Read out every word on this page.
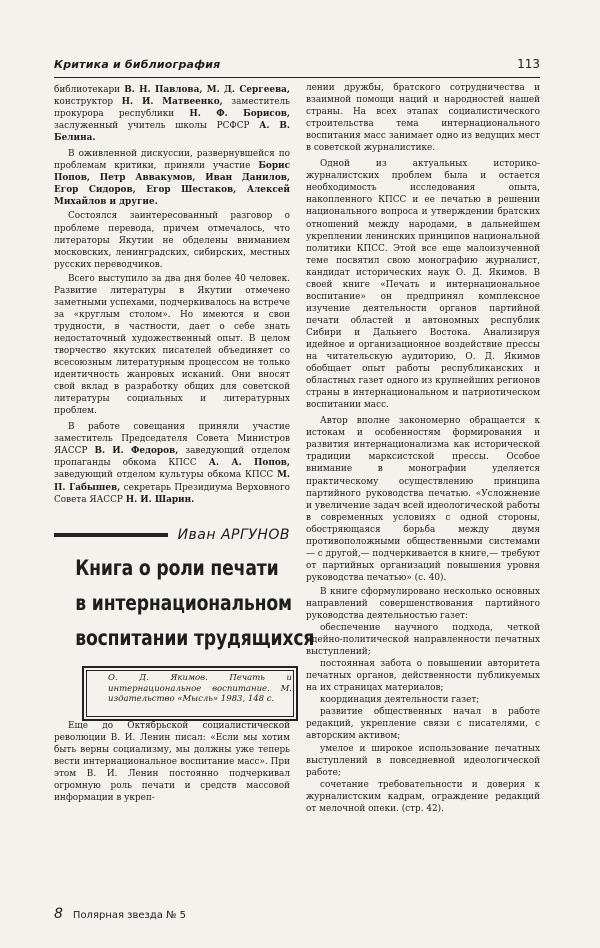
Критика и библиография	113

библиотекари В. Н. Павлова, М. Д. Сергеева, конструктор Н. И. Матвеенко, заместитель прокурора республики Н. Ф. Борисов, заслуженный учитель школы РСФСР А. В. Белина.

В оживленной дискуссии, развернувшейся по проблемам критики, приняли участие Борис Попов, Петр Аввакумов, Иван Данилов, Егор Сидоров, Егор Шестаков, Алексей Михайлов и другие.

Состоялся заинтересованный разговор о проблеме перевода, причем отмечалось, что литераторы Якутии не обделены вниманием московских, ленинградских, сибирских, местных русских переводчиков.

Всего выступило за два дня более 40 человек. Развитие литературы в Якутии отмечено заметными успехами, подчеркивалось на встрече за «круглым столом». Но имеются и свои трудности, в частности, дает о себе знать недостаточный художественный опыт. В целом творчество якутских писателей объединяет со всесоюзным литературным процессом не только идентичность жанровых исканий. Они вносят свой вклад в разработку общих для советской литературы социальных и литературных проблем.

В работе совещания приняли участие заместитель Председателя Совета Министров ЯАССР В. И. Федоров, заведующий отделом пропаганды обкома КПСС А. А. Попов, заведующий отделом культуры обкома КПСС М. П. Габышев, секретарь Президиума Верховного Совета ЯАССР Н. И. Шарин.

Иван АРГУНОВ
Книга о роли печати
в интернациональном
воспитании трудящихся
О. Д. Якимов. Печать и интернациональное воспитание. М. издательство «Мысль» 1983, 148 с.

Еще до Октябрьской социалистической революции В. И. Ленин писал: «Если мы хотим быть верны социализму, мы должны уже теперь вести интернациональное воспитание масс». При этом В. И. Ленин постоянно подчеркивал огромную роль печати и средств массовой информации в укреп-

лении дружбы, братского сотрудничества и взаимной помощи наций и народностей нашей страны. На всех этапах социалистического строительства тема интернационального воспитания масс занимает одно из ведущих мест в советской журналистике.

Одной из актуальных историко-журналистских проблем была и остается необходимость исследования опыта, накопленного КПСС и ее печатью в решении национального вопроса и утверждении братских отношений между народами, в дальнейшем укреплении ленинских принципов национальной политики КПСС. Этой все еще малоизученной теме посвятил свою монографию журналист, кандидат исторических наук О. Д. Якимов. В своей книге «Печать и интернациональное воспитание» он предпринял комплексное изучение деятельности органов партийной печати областей и автономных республик Сибири и Дальнего Востока. Анализируя идейное и организационное воздействие прессы на читательскую аудиторию, О. Д. Якимов обобщает опыт работы республиканских и областных газет одного из крупнейших регионов страны в интернациональном и патриотическом воспитании масс.

Автор вполне закономерно обращается к истокам и особенностям формирования и развития интернационализма как исторической традиции марксистской прессы. Особое внимание в монографии уделяется практическому осуществлению принципа партийного руководства печатью. «Усложнение и увеличение задач всей идеологической работы в современных условиях с одной стороны, обостряющаяся борьба между двумя противоположными общественными системами — с другой,— подчеркивается в книге,— требуют от партийных организаций повышения уровня руководства печатью» (с. 40).

В книге сформулировано несколько основных направлений совершенствования партийного руководства деятельностью газет:

обеспечение научного подхода, четкой идейно-политической направленности печатных выступлений;

постоянная забота о повышении авторитета печатных органов, действенности публикуемых на их страницах материалов;

координация деятельности газет;

развитие общественных начал в работе редакций, укрепление связи с писателями, с авторским активом;

умелое и широкое использование печатных выступлений в повседневной идеологической работе;

сочетание требовательности и доверия к журналистским кадрам, ограждение редакций от мелочной опеки. (стр. 42).

8 Полярная звезда № 5
